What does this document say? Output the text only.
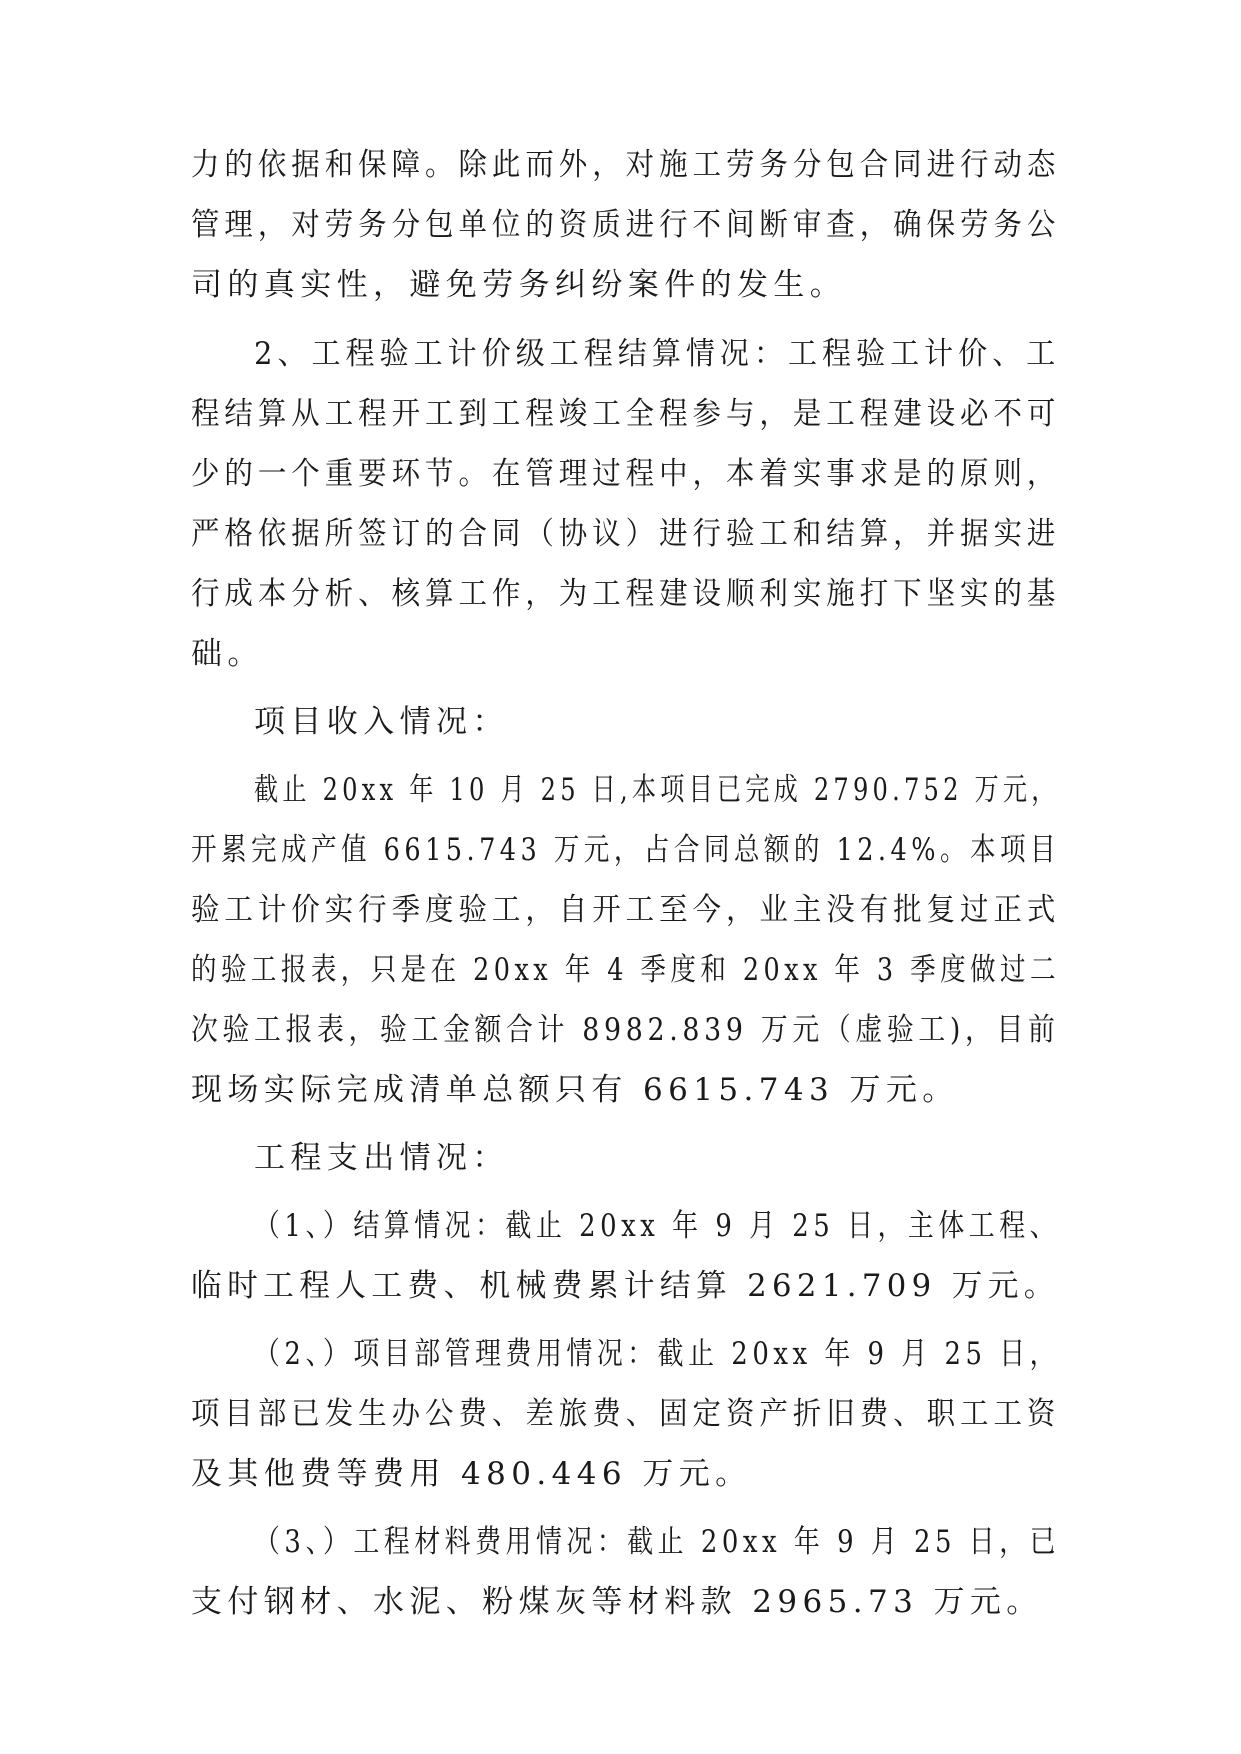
力的依据和保障。除此而外，对施工劳务分包合同进行动态
管理，对劳务分包单位的资质进行不间断审查，确保劳务公
司的真实性，避免劳务纠纷案件的发生。
2、工程验工计价级工程结算情况：工程验工计价、工
程结算从工程开工到工程竣工全程参与，是工程建设必不可
少的一个重要环节。在管理过程中，本着实事求是的原则，
严格依据所签订的合同（协议）进行验工和结算，并据实进
行成本分析、核算工作，为工程建设顺利实施打下坚实的基
础。
项目收入情况：
截止 20xx 年 10 月 25 日,本项目已完成 2790.752 万元，
开累完成产值 6615.743 万元，占合同总额的 12.4%。本项目
验工计价实行季度验工，自开工至今，业主没有批复过正式
的验工报表，只是在 20xx 年 4 季度和 20xx 年 3 季度做过二
次验工报表，验工金额合计 8982.839 万元（虚验工)，目前
现场实际完成清单总额只有 6615.743 万元。
工程支出情况：
（1、）结算情况：截止 20xx 年 9 月 25 日，主体工程、
临时工程人工费、机械费累计结算 2621.709 万元。
（2、）项目部管理费用情况：截止 20xx 年 9 月 25 日，
项目部已发生办公费、差旅费、固定资产折旧费、职工工资
及其他费等费用 480.446 万元。
（3、）工程材料费用情况：截止 20xx 年 9 月 25 日，已
支付钢材、水泥、粉煤灰等材料款 2965.73 万元。
